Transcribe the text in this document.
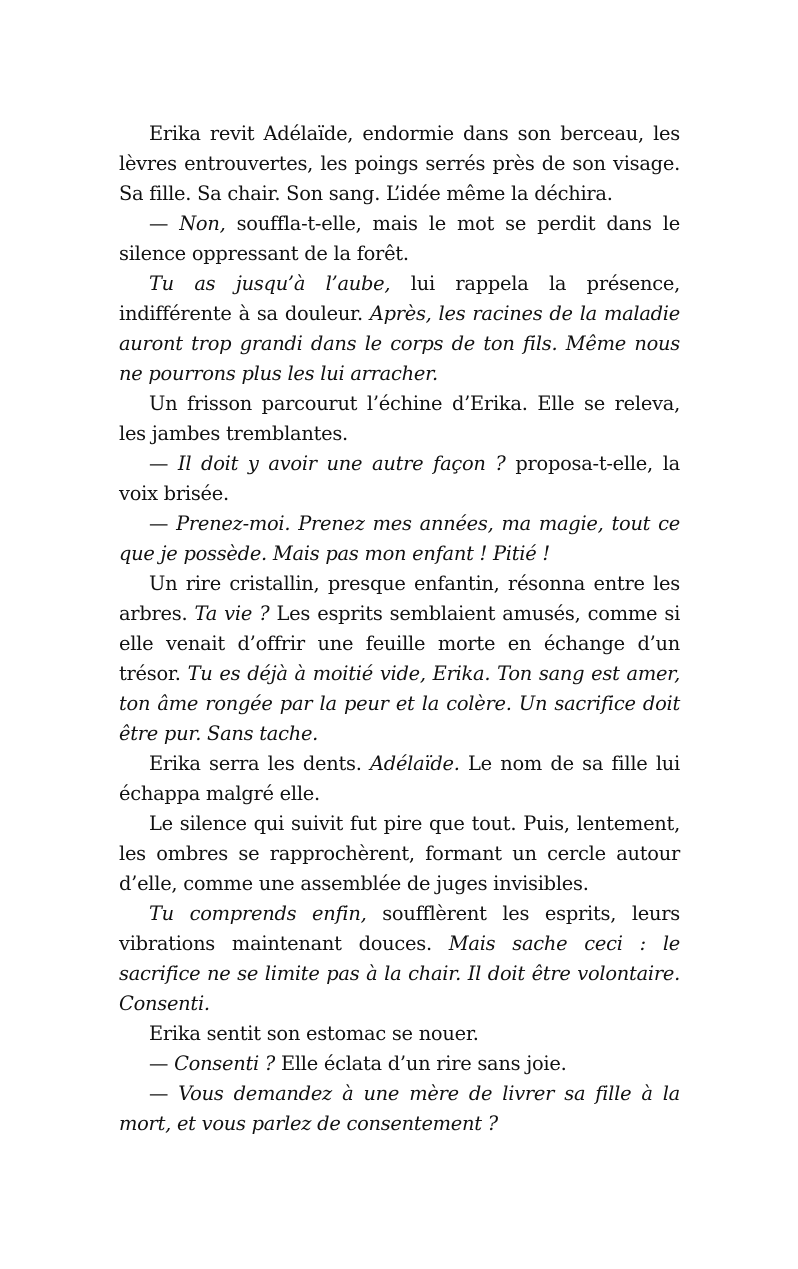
Erika revit Adélaïde, endormie dans son berceau, les lèvres entrouvertes, les poings serrés près de son visage. Sa fille. Sa chair. Son sang. L’idée même la déchira.

— Non, souffla-t-elle, mais le mot se perdit dans le silence oppressant de la forêt.

Tu as jusqu’à l’aube, lui rappela la présence, indifférente à sa douleur. Après, les racines de la maladie auront trop grandi dans le corps de ton fils. Même nous ne pourrons plus les lui arracher.

Un frisson parcourut l’échine d’Erika. Elle se releva, les jambes tremblantes.

— Il doit y avoir une autre façon ? proposa-t-elle, la voix brisée.

— Prenez-moi. Prenez mes années, ma magie, tout ce que je possède. Mais pas mon enfant ! Pitié !

Un rire cristallin, presque enfantin, résonna entre les arbres. Ta vie ? Les esprits semblaient amusés, comme si elle venait d’offrir une feuille morte en échange d’un trésor. Tu es déjà à moitié vide, Erika. Ton sang est amer, ton âme rongée par la peur et la colère. Un sacrifice doit être pur. Sans tache.

Erika serra les dents. Adélaïde. Le nom de sa fille lui échappa malgré elle.

Le silence qui suivit fut pire que tout. Puis, lentement, les ombres se rapprochèrent, formant un cercle autour d’elle, comme une assemblée de juges invisibles.

Tu comprends enfin, soufflèrent les esprits, leurs vibrations maintenant douces. Mais sache ceci : le sacrifice ne se limite pas à la chair. Il doit être volontaire. Consenti.

Erika sentit son estomac se nouer.

— Consenti ? Elle éclata d’un rire sans joie.

— Vous demandez à une mère de livrer sa fille à la mort, et vous parlez de consentement ?
